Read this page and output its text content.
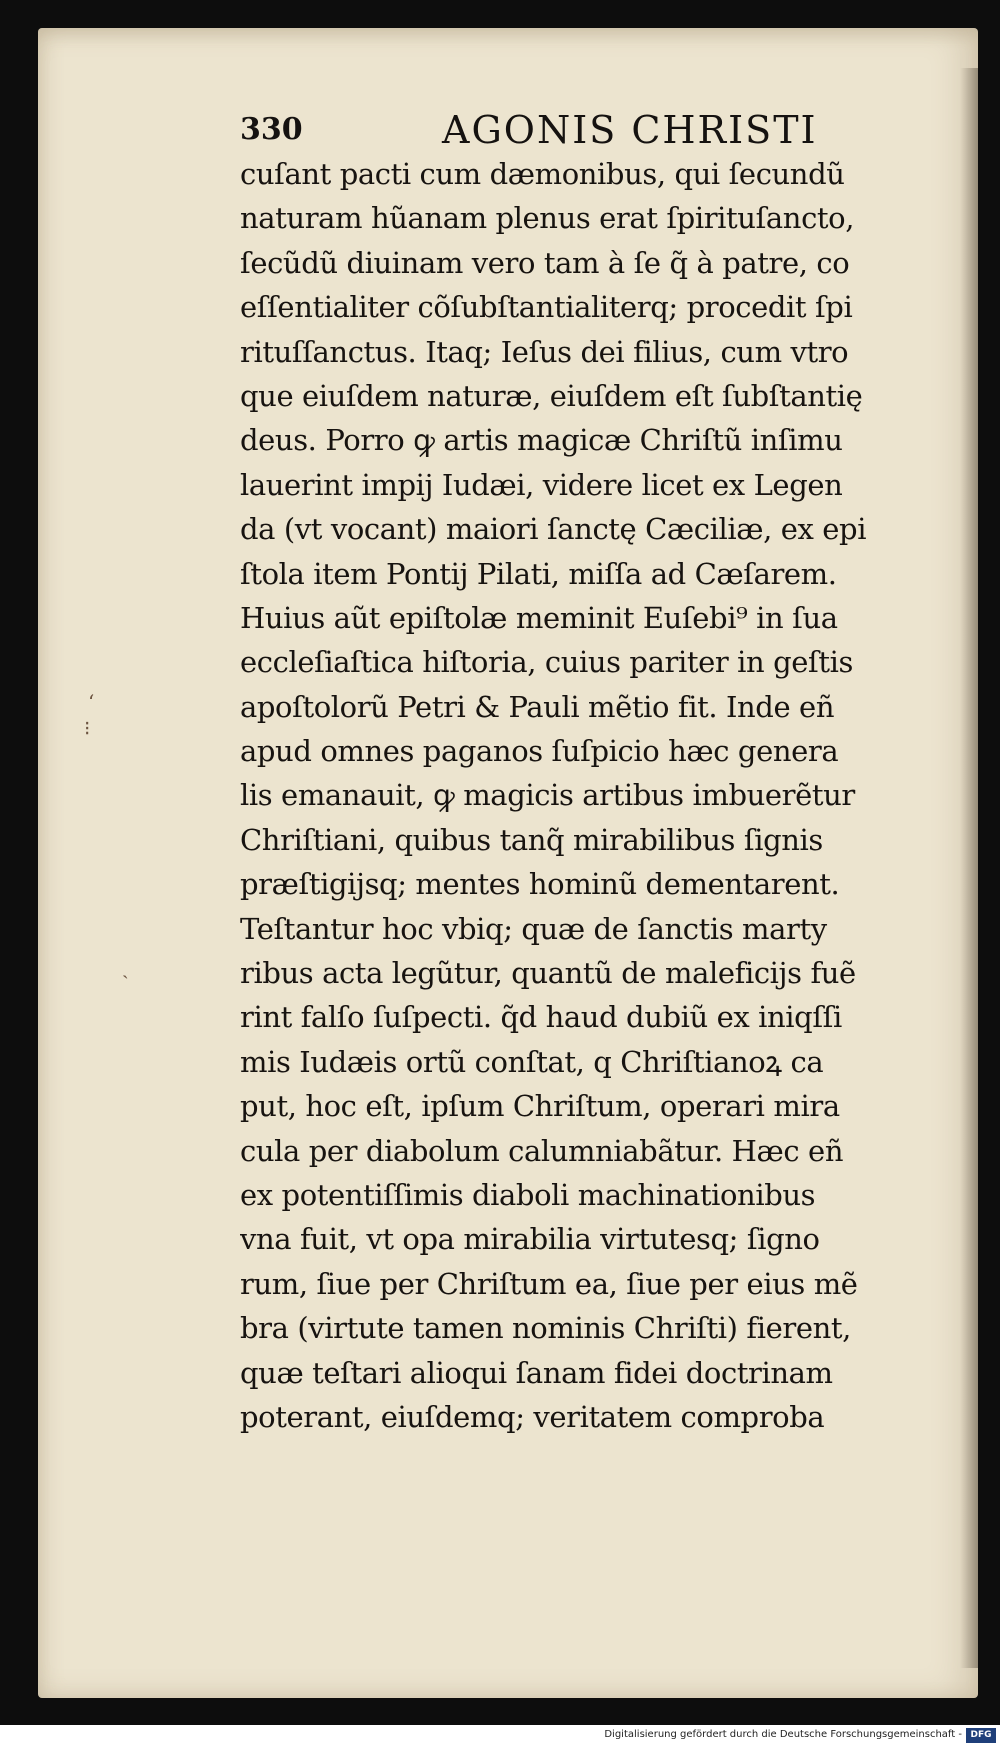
330	AGONIS CHRISTI
cuſant pacti cum dæmonibus, qui ſecundũ
naturam hũanam plenus erat ſpirituſancto,
ſecũdũ diuinam vero tam à ſe q̃ à patre, co
eſſentialiter cõſubſtantialiterq; procedit ſpi
rituſſanctus. Itaq; Ieſus dei filius, cum vtro
que eiuſdem naturæ, eiuſdem eſt ſubſtantię
deus. Porro ꝙ artis magicæ Chriſtũ inſimu
lauerint impij Iudæi, videre licet ex Legen
da (vt vocant) maiori ſanctę Cæciliæ, ex epi
ſtola item Pontij Pilati, miſſa ad Cæſarem.
Huius aũt epiſtolæ meminit Euſebi⁹ in ſua
eccleſiaſtica hiſtoria, cuius pariter in geſtis
apoſtolorũ Petri & Pauli mẽtio fit. Inde eñ
apud omnes paganos ſuſpicio hæc genera
lis emanauit, ꝙ magicis artibus imbuerẽtur
Chriſtiani, quibus tanq̃ mirabilibus ſignis
præſtigijsq; mentes hominũ dementarent.
Teſtantur hoc vbiq; quæ de ſanctis marty
ribus acta legũtur, quantũ de maleficijs fuẽ
rint falſo ſuſpecti. q̃d haud dubiũ ex iniqſſi
mis Iudæis ortũ conſtat, q Chriſtianoꝝ ca
put, hoc eſt, ipſum Chriſtum, operari mira
cula per diabolum calumniabãtur. Hæc eñ
ex potentiſſimis diaboli machinationibus
vna fuit, vt opa mirabilia virtutesq; ſigno
rum, ſiue per Chriſtum ea, ſiue per eius mẽ
bra (virtute tamen nominis Chriſti) fierent,
quæ teſtari alioqui ſanam fidei doctrinam
poterant, eiuſdemq; veritatem comproba
‘
⁝
ˎ
Digitalisierung gefördert durch die Deutsche Forschungsgemeinschaft - DFG
